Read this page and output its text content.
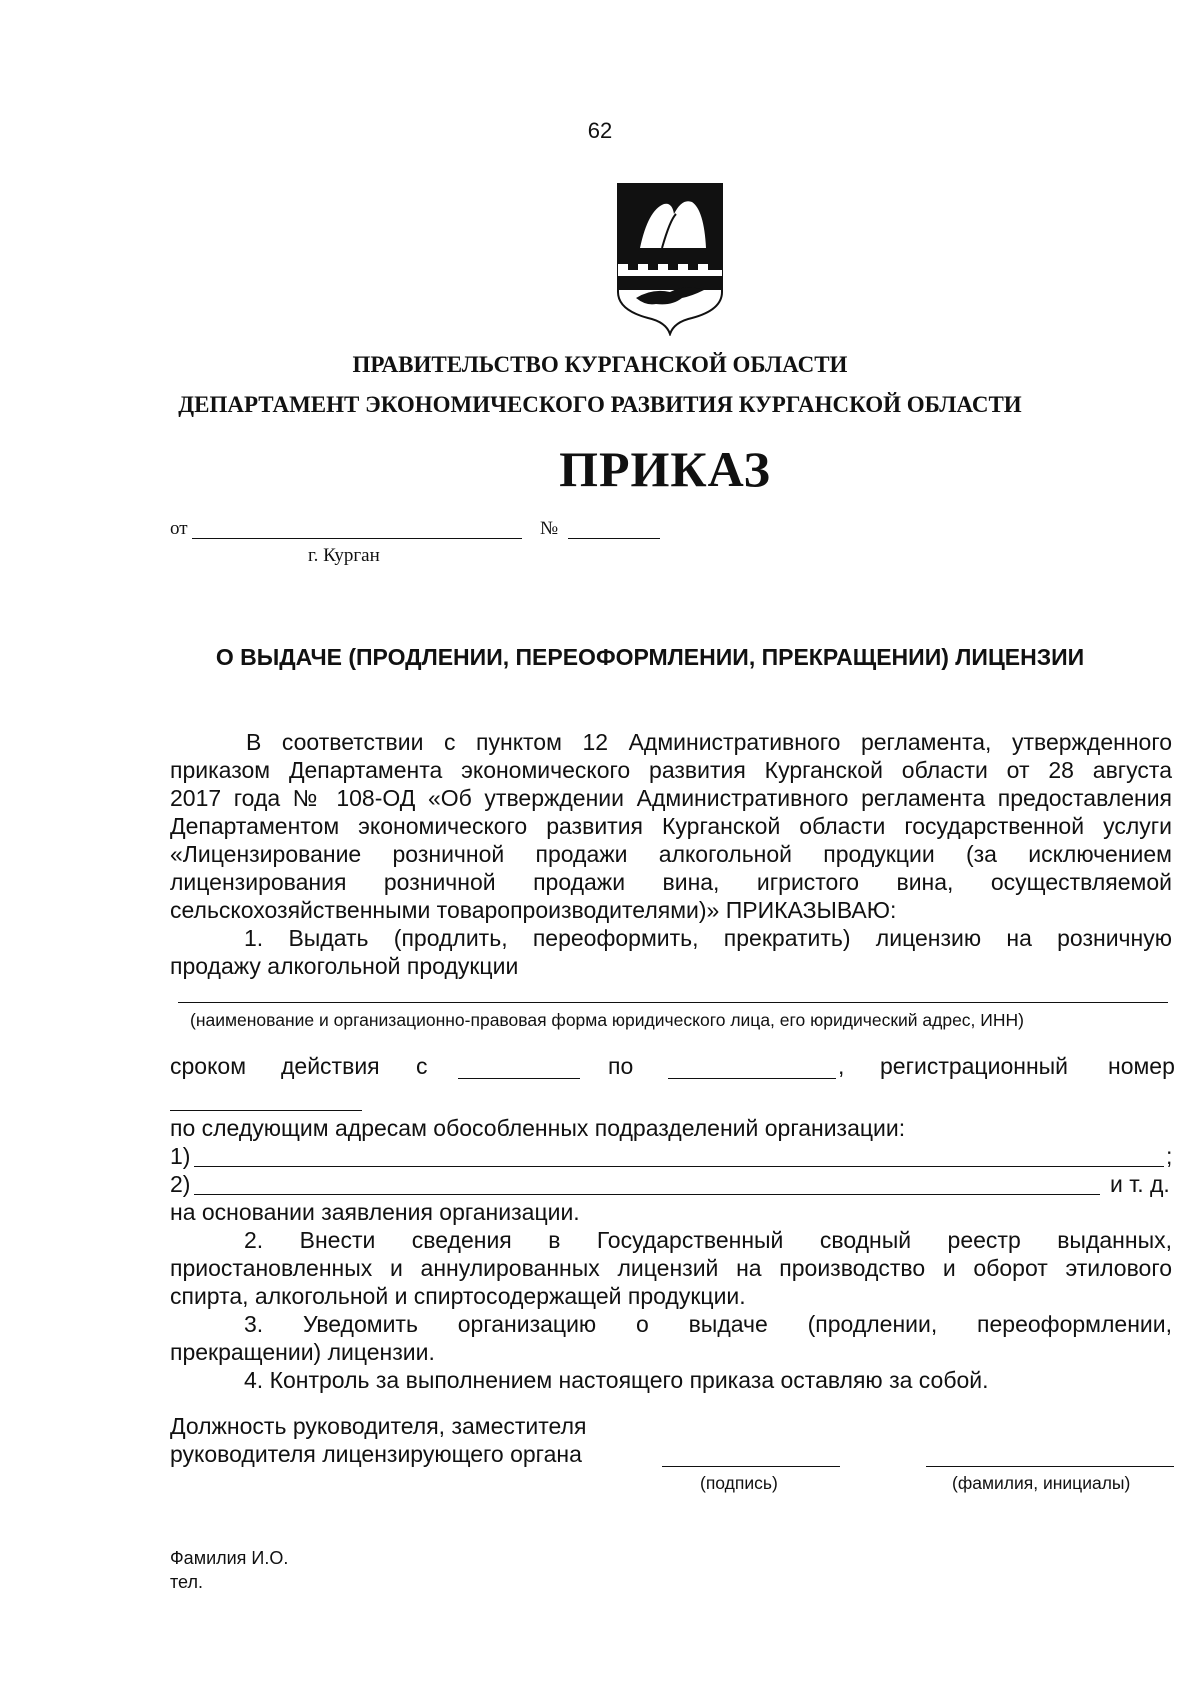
62
ПРАВИТЕЛЬСТВО КУРГАНСКОЙ ОБЛАСТИ
ДЕПАРТАМЕНТ ЭКОНОМИЧЕСКОГО РАЗВИТИЯ КУРГАНСКОЙ ОБЛАСТИ
ПРИКАЗ
от	№
г. Курган
О ВЫДАЧЕ (ПРОДЛЕНИИ, ПЕРЕОФОРМЛЕНИИ, ПРЕКРАЩЕНИИ) ЛИЦЕНЗИИ
В соответствии с пунктом 12 Административного регламента, утвержденного
приказом Департамента экономического развития Курганской области от 28 августа
2017 года № 108-ОД «Об утверждении Административного регламента предоставления
Департаментом экономического развития Курганской области государственной услуги
«Лицензирование розничной продажи алкогольной продукции (за исключением
лицензирования розничной продажи вина, игристого вина, осуществляемой
сельскохозяйственными товаропроизводителями)» ПРИКАЗЫВАЮ:
1. Выдать (продлить, переоформить, прекратить) лицензию на розничную
продажу алкогольной продукции
(наименование и организационно-правовая форма юридического лица, его юридический адрес, ИНН)
сроком действия с	по	, регистрационный номер
по следующим адресам обособленных подразделений организации:
1)	;
2)	и т. д.
на основании заявления организации.
2. Внести сведения в Государственный сводный реестр выданных,
приостановленных и аннулированных лицензий на производство и оборот этилового
спирта, алкогольной и спиртосодержащей продукции.
3. Уведомить организацию о выдаче (продлении, переоформлении,
прекращении) лицензии.
4. Контроль за выполнением настоящего приказа оставляю за собой.
Должность руководителя, заместителя
руководителя лицензирующего органа
(подпись)	(фамилия, инициалы)
Фамилия И.О.
тел.
